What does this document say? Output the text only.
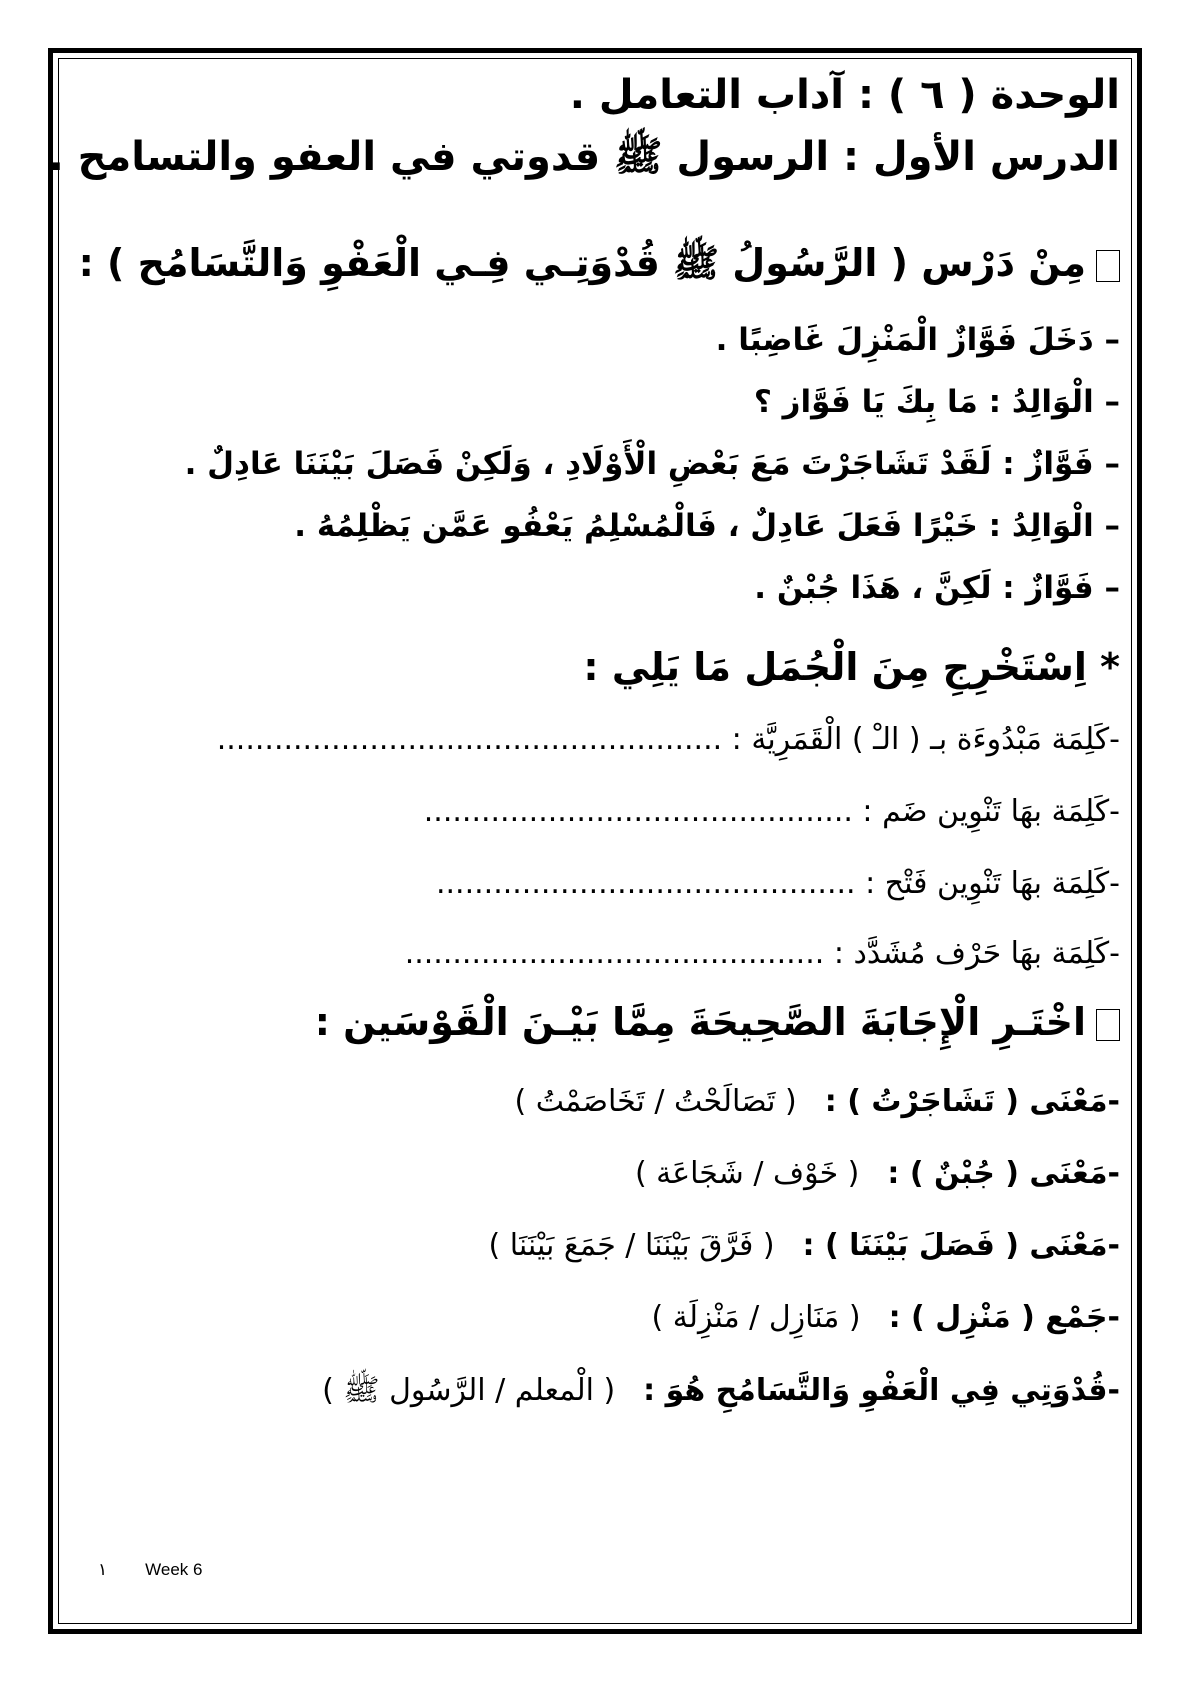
الوحدة ( ٦ ) : آداب التعامل .
الدرس الأول : الرسول ﷺ قدوتي في العفو والتسامح .
مِنْ دَرْس ( الرَّسُولُ ﷺ قُدْوَتِـي فِـي الْعَفْوِ وَالتَّسَامُح ) :
– دَخَلَ فَوَّازٌ الْمَنْزِلَ غَاضِبًا .
– الْوَالِدُ : مَا بِكَ يَا فَوَّاز ؟
– فَوَّازٌ : لَقَدْ تَشَاجَرْتَ مَعَ بَعْضِ الْأَوْلَادِ ، وَلَكِنْ فَصَلَ بَيْنَنَا عَادِلٌ .
– الْوَالِدُ : خَيْرًا فَعَلَ عَادِلٌ ، فَالْمُسْلِمُ يَعْفُو عَمَّن يَظْلِمُهُ .
– فَوَّازٌ : لَكِنَّ ، هَذَا جُبْنٌ .
* اِسْتَخْرِجِ مِنَ الْجُمَل مَا يَلِي :
-كَلِمَة مَبْدُوءَة بـ ( الـْ ) الْقَمَرِيَّة : .....................................................
-كَلِمَة بهَا تَنْوِين ضَم : .............................................
-كَلِمَة بهَا تَنْوِين فَتْح : ............................................
-كَلِمَة بهَا حَرْف مُشَدَّد : ............................................
اخْتَـرِ الْإِجَابَةَ الصَّحِيحَةَ مِمَّا بَيْـنَ الْقَوْسَين :
-مَعْنَى ( تَشَاجَرْتُ ) :( تَصَالَحْتُ / تَخَاصَمْتُ )
-مَعْنَى ( جُبْنٌ ) :( خَوْف / شَجَاعَة )
-مَعْنَى ( فَصَلَ بَيْنَنَا ) :( فَرَّقَ بَيْنَنَا / جَمَعَ بَيْنَنَا )
-جَمْع ( مَنْزِل ) :( مَنَازِل / مَنْزِلَة )
-قُدْوَتِي فِي الْعَفْوِ وَالتَّسَامُحِ هُوَ :( الْمعلم / الرَّسُول ﷺ )
١ Week 6
